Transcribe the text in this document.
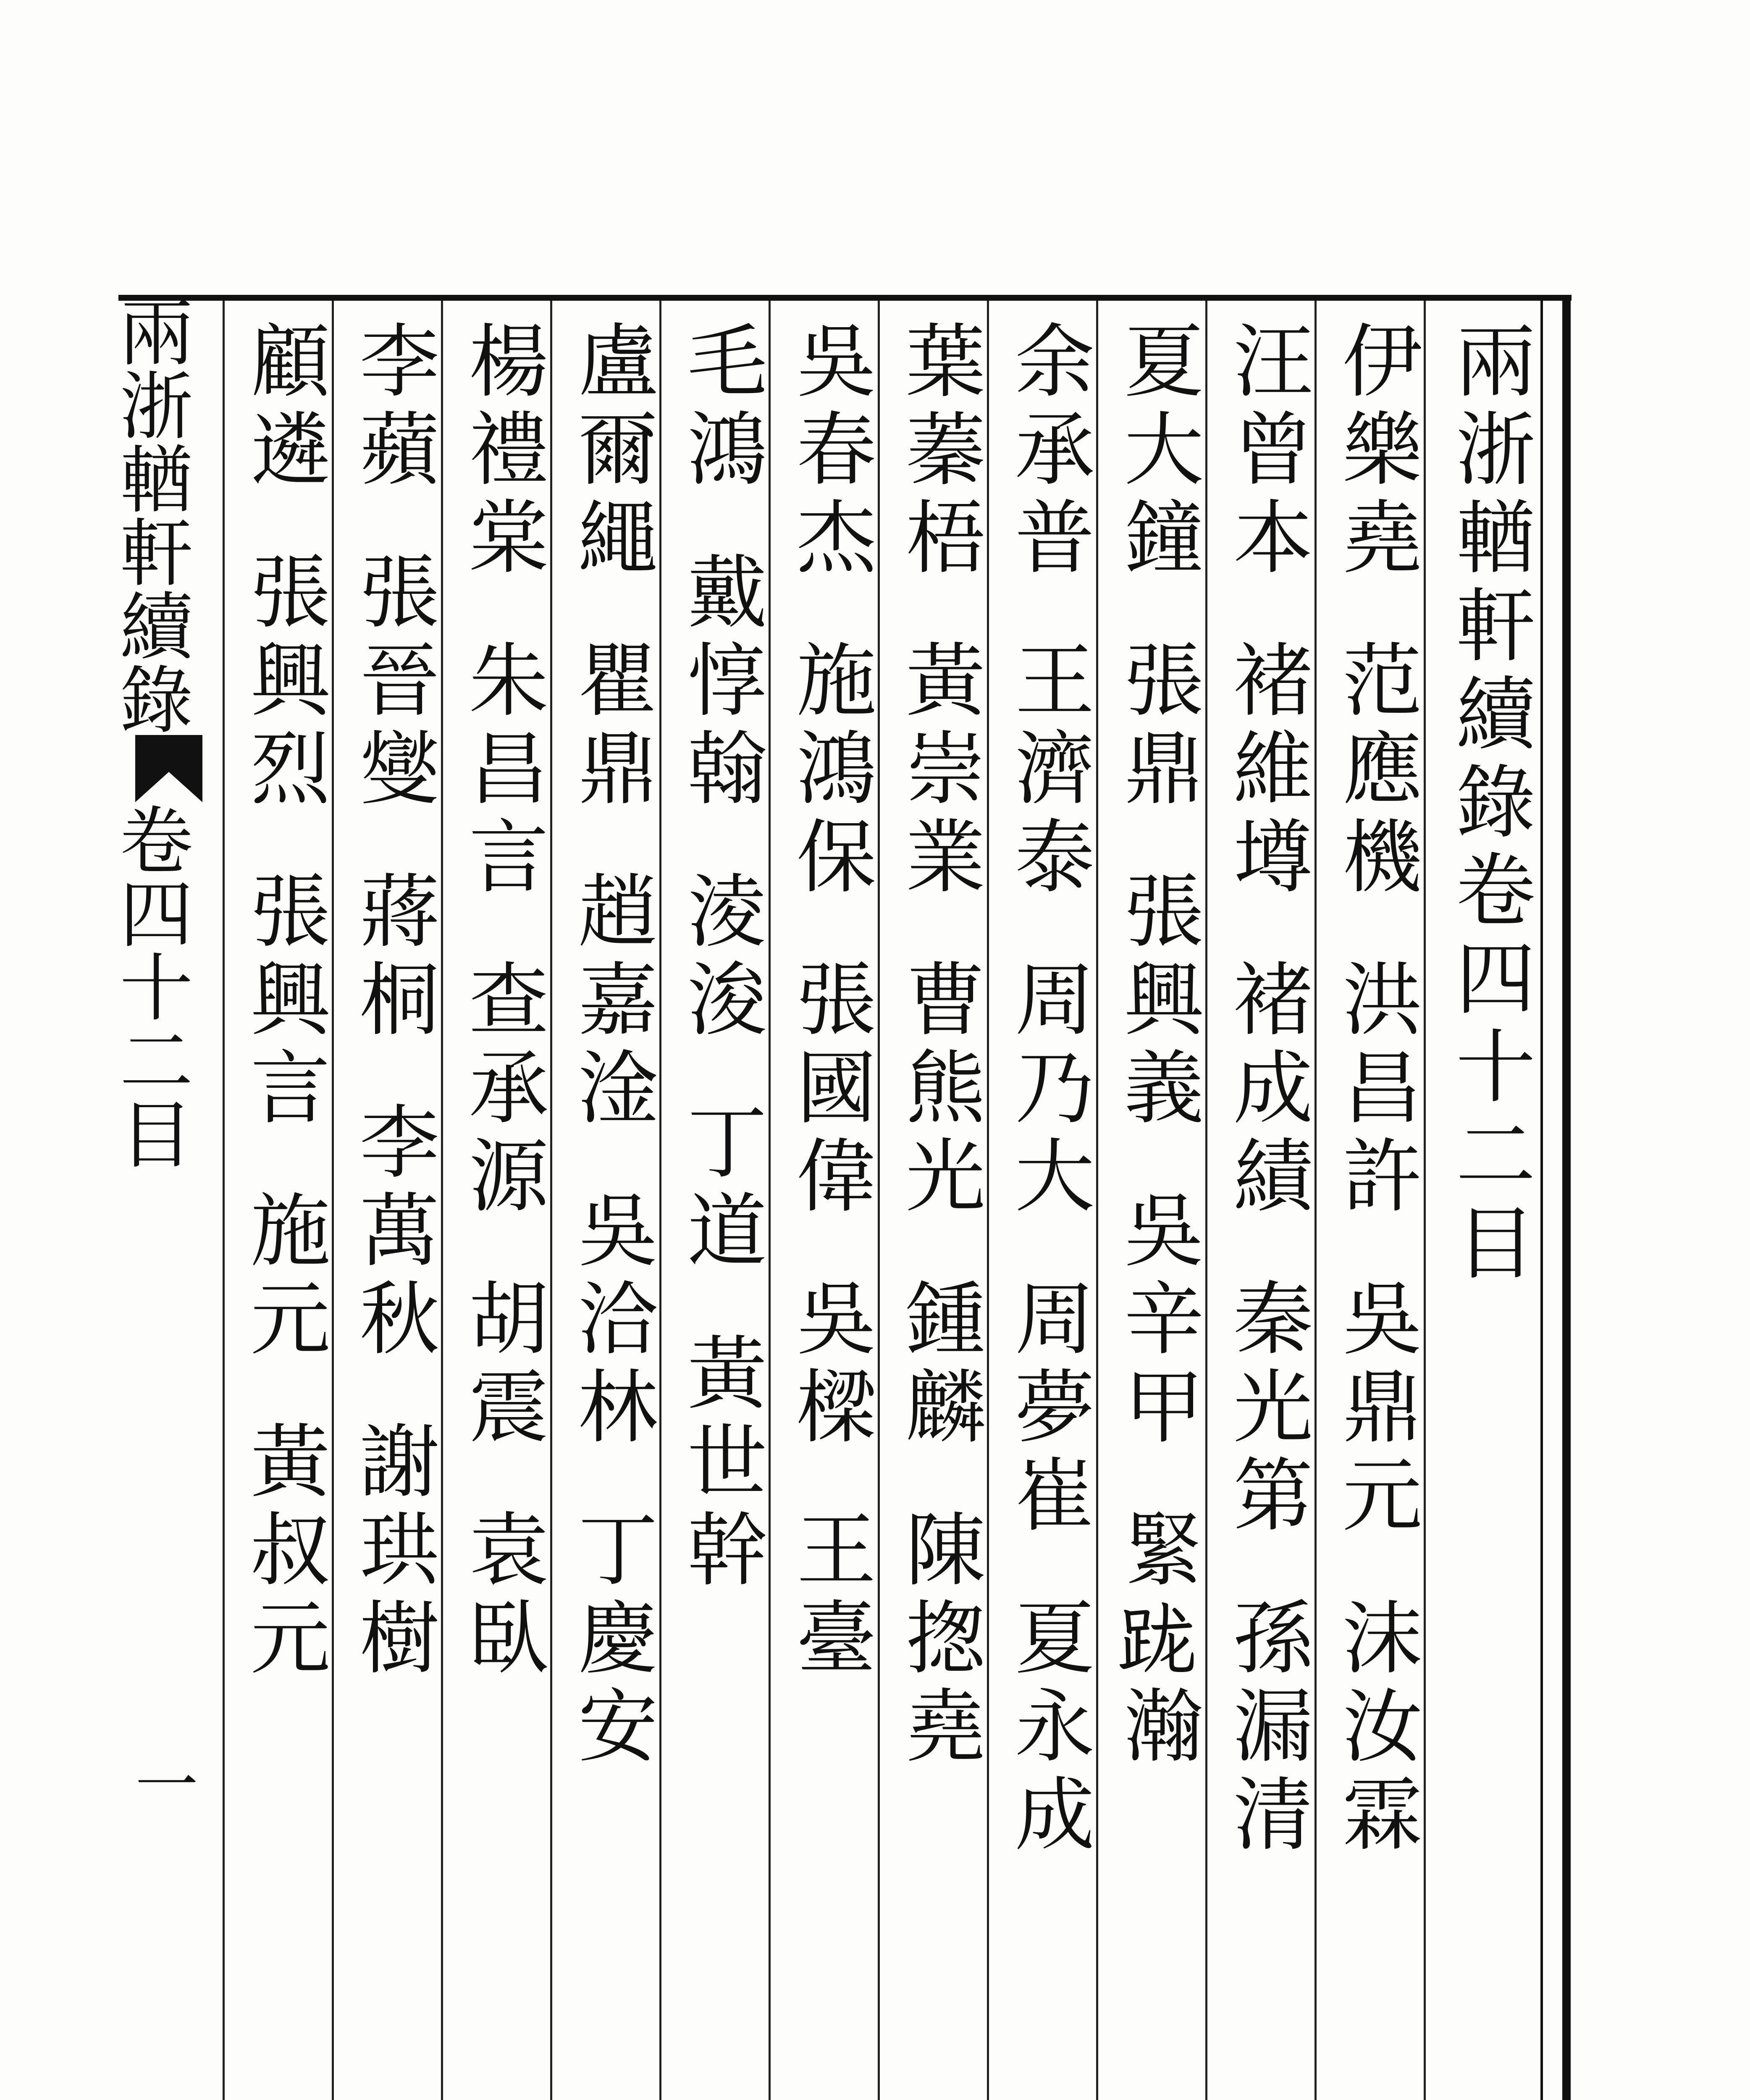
兩浙輶軒續錄卷四十二目
伊樂堯范應機洪昌許吳鼎元沫汝霖
汪曾本褚維壿褚成績秦光第孫漏清
夏大鐘張鼎張興義吳辛甲緊𨀁瀚
余承普王濟泰周乃大周夢崔夏永成
葉蓁梧黃崇業曹熊光鍾麟陳揔堯
吳春杰施鴻保張國偉吳樑王臺
毛鴻戴惇翰淩浚丁道黃世幹
盧爾繩瞿鼎趙嘉淦吳洽林丁慶安
楊禮棠朱昌言查承源胡震袁臥
李蘋張晉燮蔣桐李萬秋謝珙樹
顧遴張興烈張興言施元黃叔元
兩浙輶軒續錄卷四十二目
一
